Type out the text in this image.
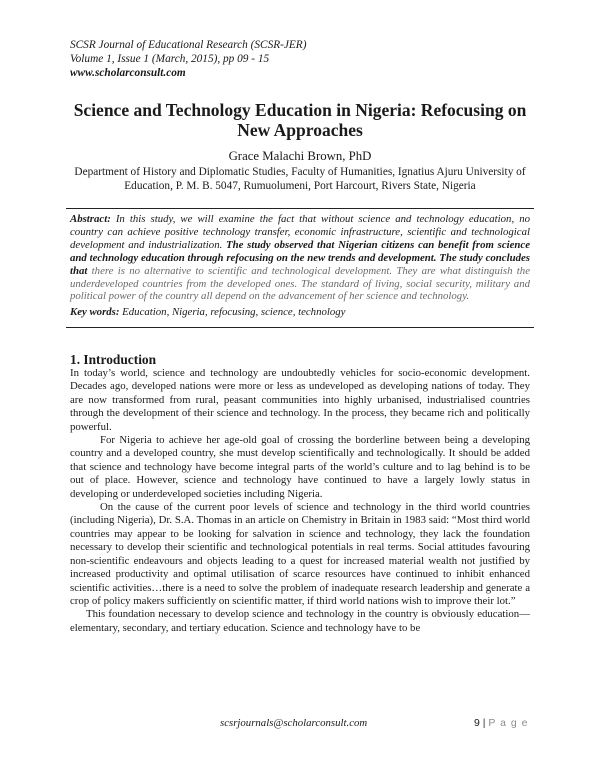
SCSR Journal of Educational Research (SCSR-JER)
Volume 1, Issue 1 (March, 2015), pp 09 - 15
www.scholarconsult.com
Science and Technology Education in Nigeria: Refocusing on New Approaches
Grace Malachi Brown, PhD
Department of History and Diplomatic Studies, Faculty of Humanities, Ignatius Ajuru University of Education, P. M. B. 5047, Rumuolumeni, Port Harcourt, Rivers State, Nigeria
Abstract: In this study, we will examine the fact that without science and technology education, no country can achieve positive technology transfer, economic infrastructure, scientific and technological development and industrialization. The study observed that Nigerian citizens can benefit from science and technology education through refocusing on the new trends and development. The study concludes that there is no alternative to scientific and technological development. They are what distinguish the underdeveloped countries from the developed ones. The standard of living, social security, military and political power of the country all depend on the advancement of her science and technology.
Key words: Education, Nigeria, refocusing, science, technology
1. Introduction

In today’s world, science and technology are undoubtedly vehicles for socio-economic development. Decades ago, developed nations were more or less as undeveloped as developing nations of today. They are now transformed from rural, peasant communities into highly urbanised, industrialised countries through the development of their science and technology. In the process, they became rich and politically powerful.

For Nigeria to achieve her age-old goal of crossing the borderline between being a developing country and a developed country, she must develop scientifically and technologically. It should be added that science and technology have become integral parts of the world’s culture and to lag behind is to be out of place. However, science and technology have continued to have a largely lowly status in developing or underdeveloped societies including Nigeria.

On the cause of the current poor levels of science and technology in the third world countries (including Nigeria), Dr. S.A. Thomas in an article on Chemistry in Britain in 1983 said: “Most third world countries may appear to be looking for salvation in science and technology, they lack the foundation necessary to develop their scientific and technological potentials in real terms. Social attitudes favouring non-scientific endeavours and objects leading to a quest for increased material wealth not justified by increased productivity and optimal utilisation of scarce resources have continued to inhibit enhanced scientific activities…there is a need to solve the problem of inadequate research leadership and generate a crop of policy makers sufficiently on scientific matter, if third world nations wish to improve their lot.”

This foundation necessary to develop science and technology in the country is obviously education—elementary, secondary, and tertiary education. Science and technology have to be

scsrjournals@scholarconsult.com	9 | P a g e
